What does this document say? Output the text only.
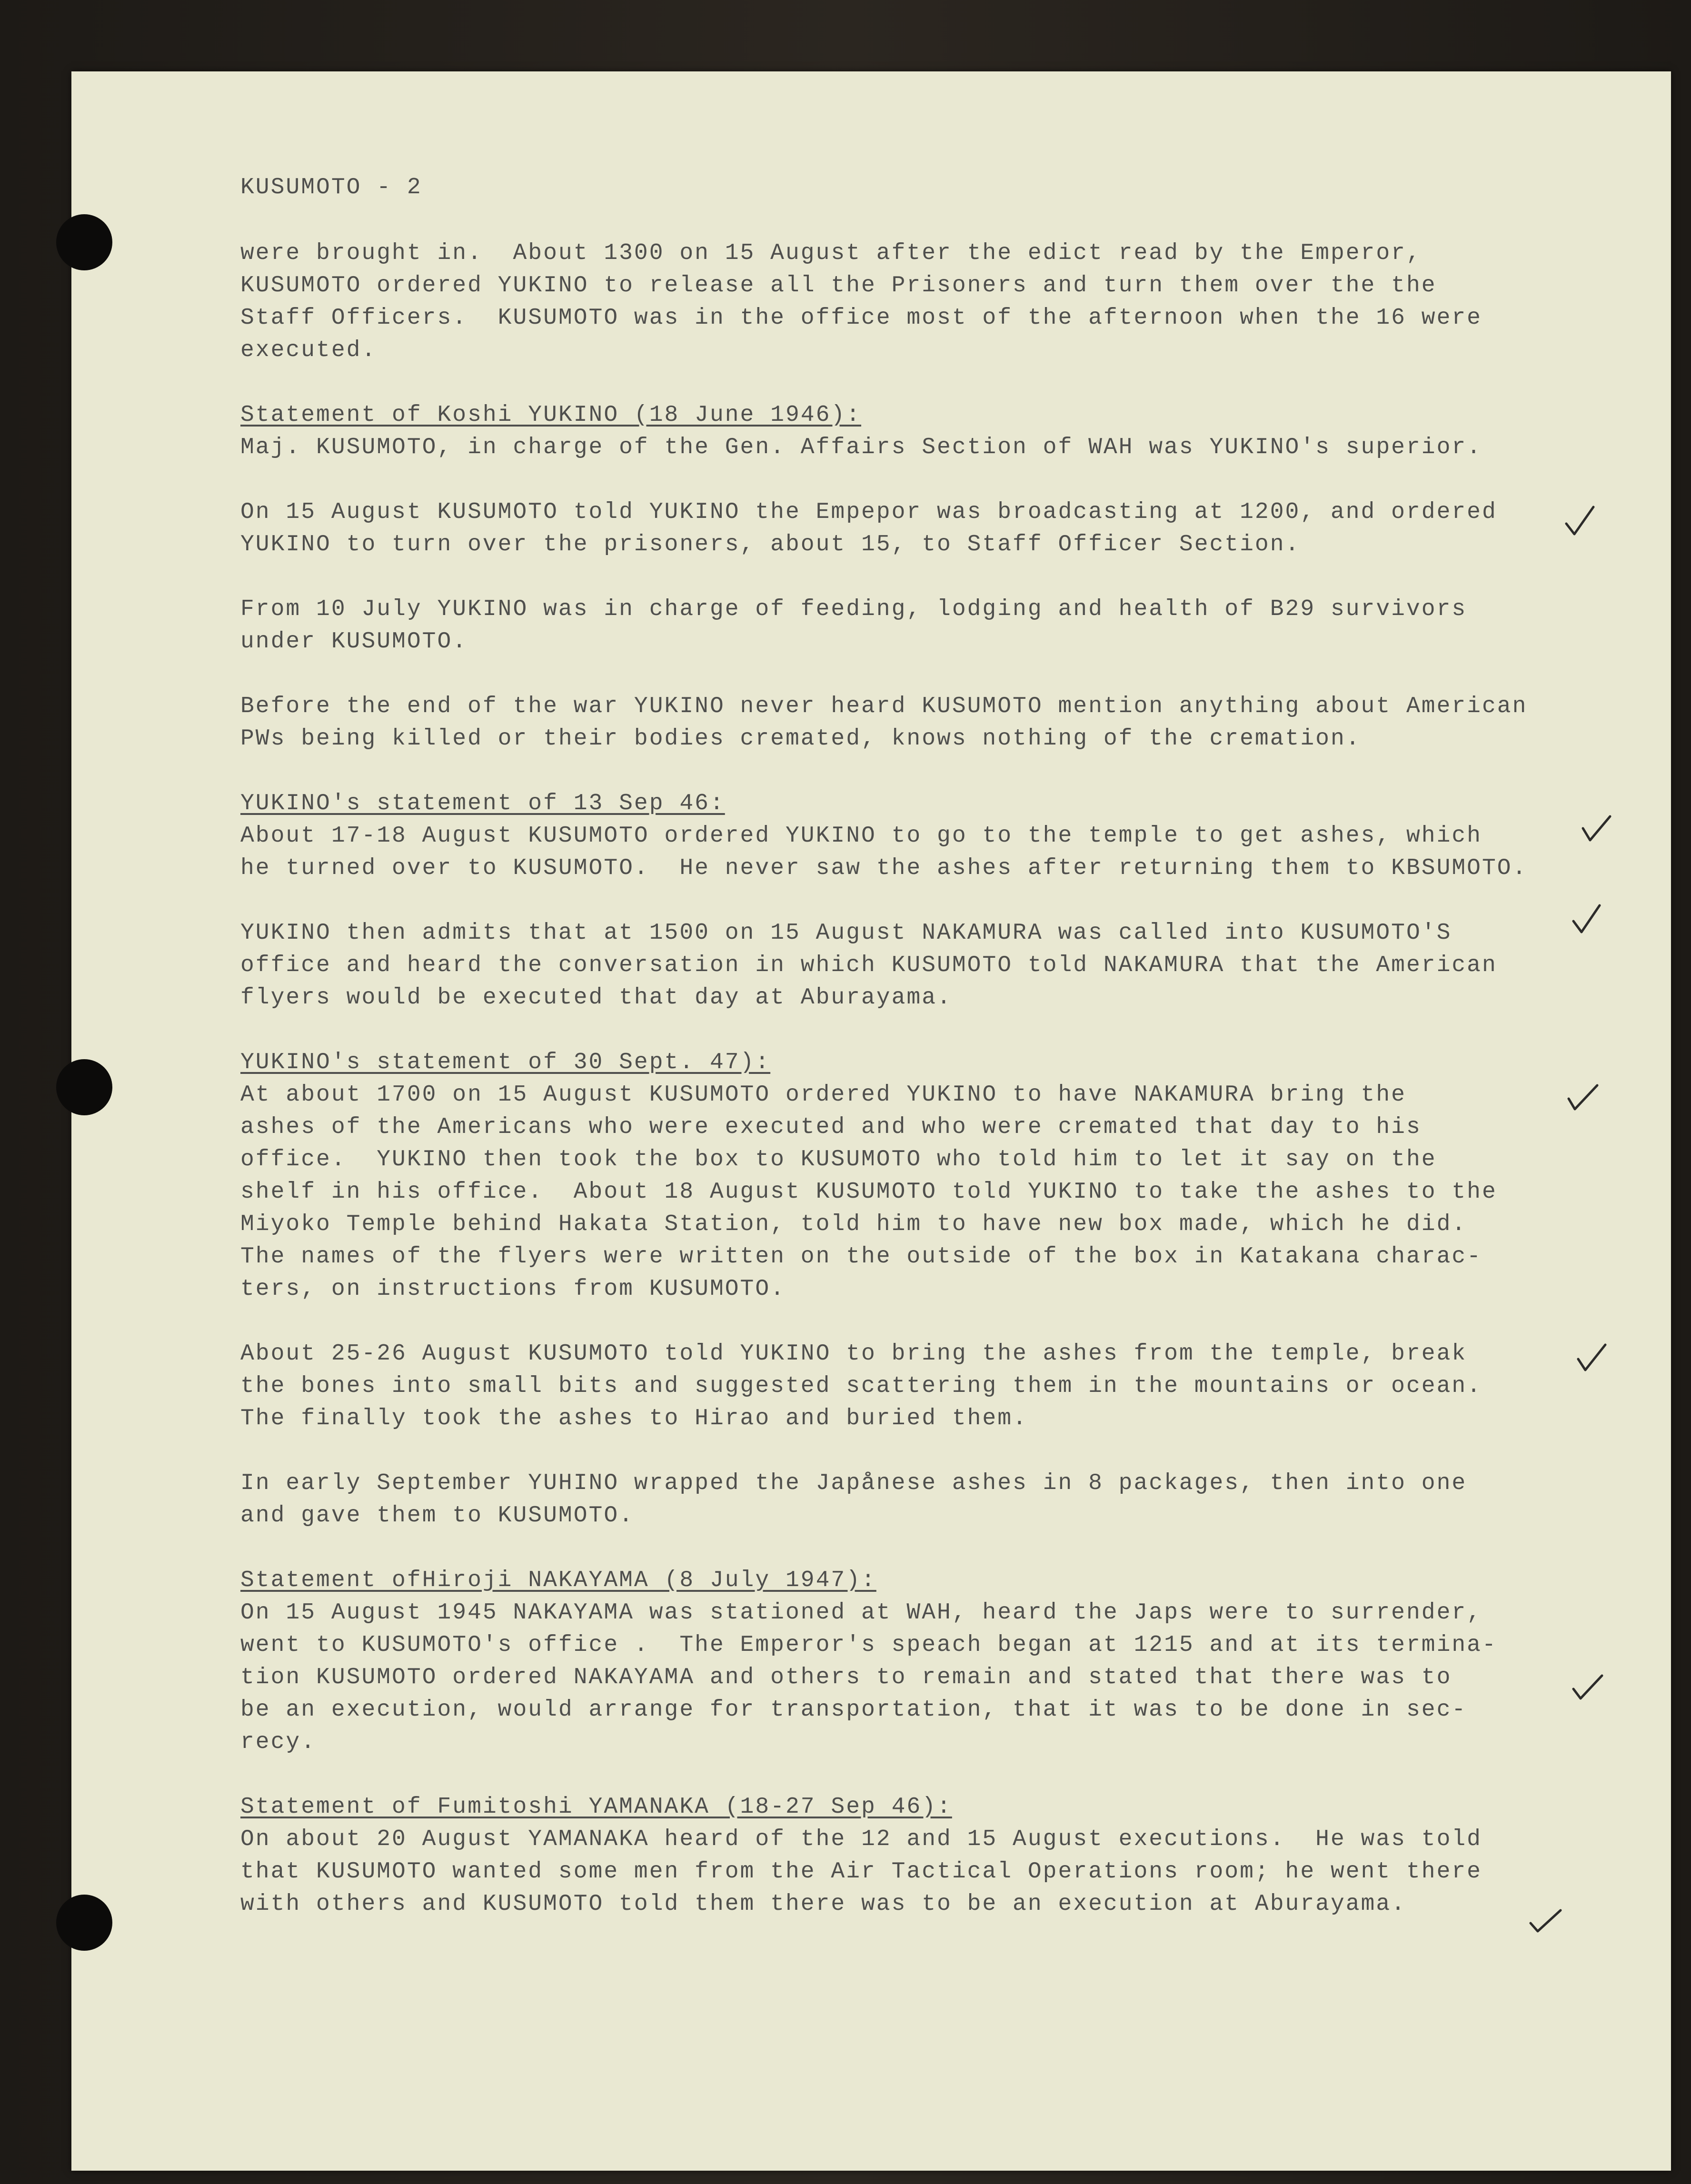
KUSUMOTO - 2
were brought in.  About 1300 on 15 August after the edict read by the Emperor,
KUSUMOTO ordered YUKINO to release all the Prisoners and turn them over the the
Staff Officers.  KUSUMOTO was in the office most of the afternoon when the 16 were
executed.
Statement of Koshi YUKINO (18 June 1946):
Maj. KUSUMOTO, in charge of the Gen. Affairs Section of WAH was YUKINO's superior.
On 15 August KUSUMOTO told YUKINO the Empepor was broadcasting at 1200, and ordered
YUKINO to turn over the prisoners, about 15, to Staff Officer Section.
From 10 July YUKINO was in charge of feeding, lodging and health of B29 survivors
under KUSUMOTO.
Before the end of the war YUKINO never heard KUSUMOTO mention anything about American
PWs being killed or their bodies cremated, knows nothing of the cremation.
YUKINO's statement of 13 Sep 46:
About 17-18 August KUSUMOTO ordered YUKINO to go to the temple to get ashes, which
he turned over to KUSUMOTO.  He never saw the ashes after returning them to KBSUMOTO.
YUKINO then admits that at 1500 on 15 August NAKAMURA was called into KUSUMOTO'S
office and heard the conversation in which KUSUMOTO told NAKAMURA that the American
flyers would be executed that day at Aburayama.
YUKINO's statement of 30 Sept. 47):
At about 1700 on 15 August KUSUMOTO ordered YUKINO to have NAKAMURA bring the
ashes of the Americans who were executed and who were cremated that day to his
office.  YUKINO then took the box to KUSUMOTO who told him to let it say on the
shelf in his office.  About 18 August KUSUMOTO told YUKINO to take the ashes to the
Miyoko Temple behind Hakata Station, told him to have new box made, which he did.
The names of the flyers were written on the outside of the box in Katakana charac-
ters, on instructions from KUSUMOTO.
About 25-26 August KUSUMOTO told YUKINO to bring the ashes from the temple, break
the bones into small bits and suggested scattering them in the mountains or ocean.
The finally took the ashes to Hirao and buried them.
In early September YUHINO wrapped the Japånese ashes in 8 packages, then into one
and gave them to KUSUMOTO.
Statement ofHiroji NAKAYAMA (8 July 1947):
On 15 August 1945 NAKAYAMA was stationed at WAH, heard the Japs were to surrender,
went to KUSUMOTO's office .  The Emperor's speach began at 1215 and at its termina-
tion KUSUMOTO ordered NAKAYAMA and others to remain and stated that there was to
be an execution, would arrange for transportation, that it was to be done in sec-
recy.
Statement of Fumitoshi YAMANAKA (18-27 Sep 46):
On about 20 August YAMANAKA heard of the 12 and 15 August executions.  He was told
that KUSUMOTO wanted some men from the Air Tactical Operations room; he went there
with others and KUSUMOTO told them there was to be an execution at Aburayama.
